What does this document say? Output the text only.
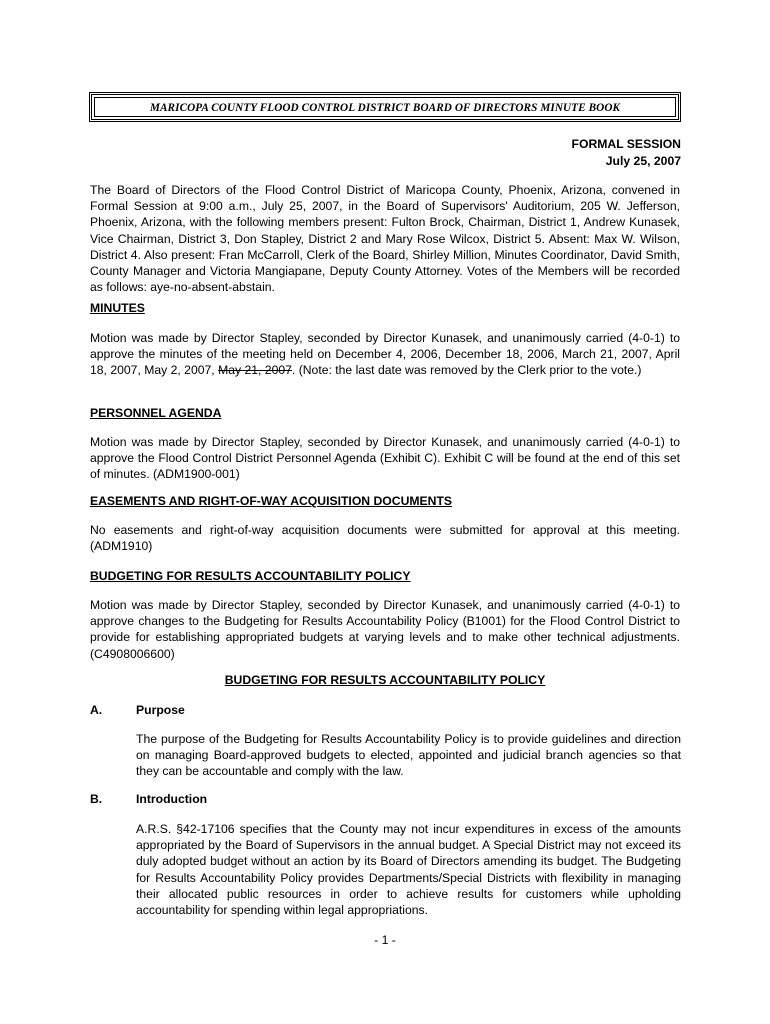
MARICOPA COUNTY FLOOD CONTROL DISTRICT BOARD OF DIRECTORS MINUTE BOOK
FORMAL SESSION
July 25, 2007
The Board of Directors of the Flood Control District of Maricopa County, Phoenix, Arizona, convened in Formal Session at 9:00 a.m., July 25, 2007, in the Board of Supervisors' Auditorium, 205 W. Jefferson, Phoenix, Arizona, with the following members present: Fulton Brock, Chairman, District 1, Andrew Kunasek, Vice Chairman, District 3, Don Stapley, District 2 and Mary Rose Wilcox, District 5. Absent: Max W. Wilson, District 4. Also present: Fran McCarroll, Clerk of the Board, Shirley Million, Minutes Coordinator, David Smith, County Manager and Victoria Mangiapane, Deputy County Attorney. Votes of the Members will be recorded as follows: aye-no-absent-abstain.
MINUTES
Motion was made by Director Stapley, seconded by Director Kunasek, and unanimously carried (4-0-1) to approve the minutes of the meeting held on December 4, 2006, December 18, 2006, March 21, 2007, April 18, 2007, May 2, 2007, May 21, 2007. (Note: the last date was removed by the Clerk prior to the vote.)
PERSONNEL AGENDA
Motion was made by Director Stapley, seconded by Director Kunasek, and unanimously carried (4-0-1) to approve the Flood Control District Personnel Agenda (Exhibit C). Exhibit C will be found at the end of this set of minutes. (ADM1900-001)
EASEMENTS AND RIGHT-OF-WAY ACQUISITION DOCUMENTS
No easements and right-of-way acquisition documents were submitted for approval at this meeting. (ADM1910)
BUDGETING FOR RESULTS ACCOUNTABILITY POLICY
Motion was made by Director Stapley, seconded by Director Kunasek, and unanimously carried (4-0-1) to approve changes to the Budgeting for Results Accountability Policy (B1001) for the Flood Control District to provide for establishing appropriated budgets at varying levels and to make other technical adjustments. (C4908006600)
BUDGETING FOR RESULTS ACCOUNTABILITY POLICY
A.	Purpose
The purpose of the Budgeting for Results Accountability Policy is to provide guidelines and direction on managing Board-approved budgets to elected, appointed and judicial branch agencies so that they can be accountable and comply with the law.
B.	Introduction
A.R.S. §42-17106 specifies that the County may not incur expenditures in excess of the amounts appropriated by the Board of Supervisors in the annual budget. A Special District may not exceed its duly adopted budget without an action by its Board of Directors amending its budget. The Budgeting for Results Accountability Policy provides Departments/Special Districts with flexibility in managing their allocated public resources in order to achieve results for customers while upholding accountability for spending within legal appropriations.
- 1 -
